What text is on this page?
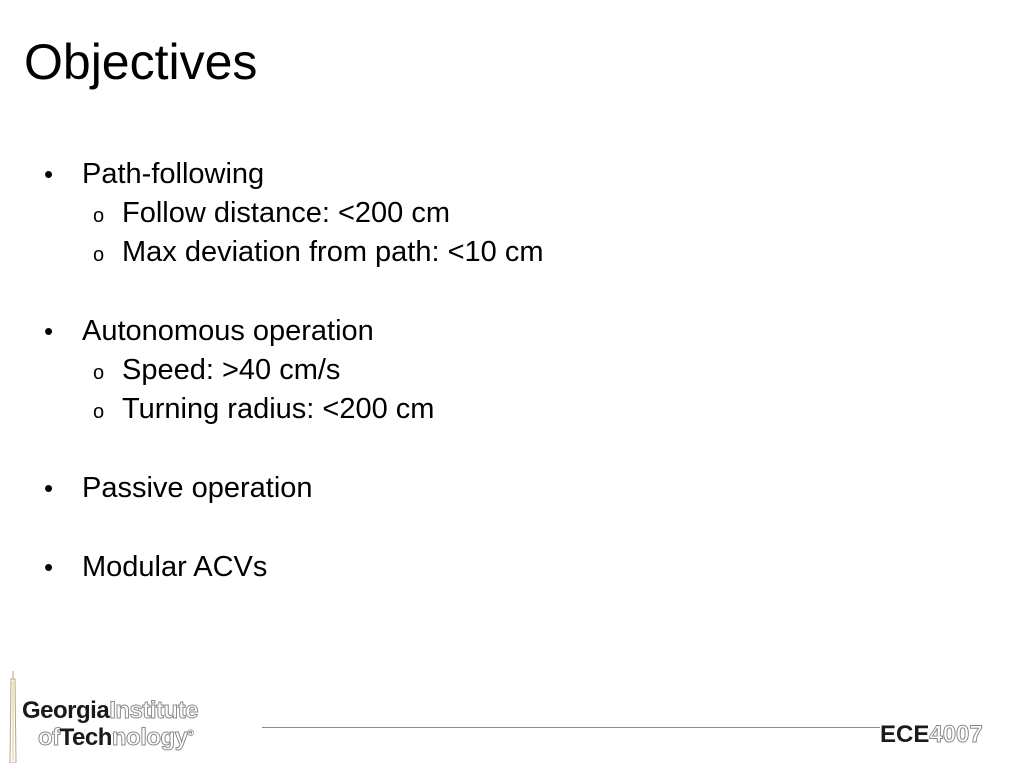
Objectives
• Path-following
o Follow distance: <200 cm
o Max deviation from path: <10 cm
• Autonomous operation
o Speed: >40 cm/s
o Turning radius: <200 cm
• Passive operation
• Modular ACVs
GeorgiaInstitute
ofTechnology®	ECE4007
